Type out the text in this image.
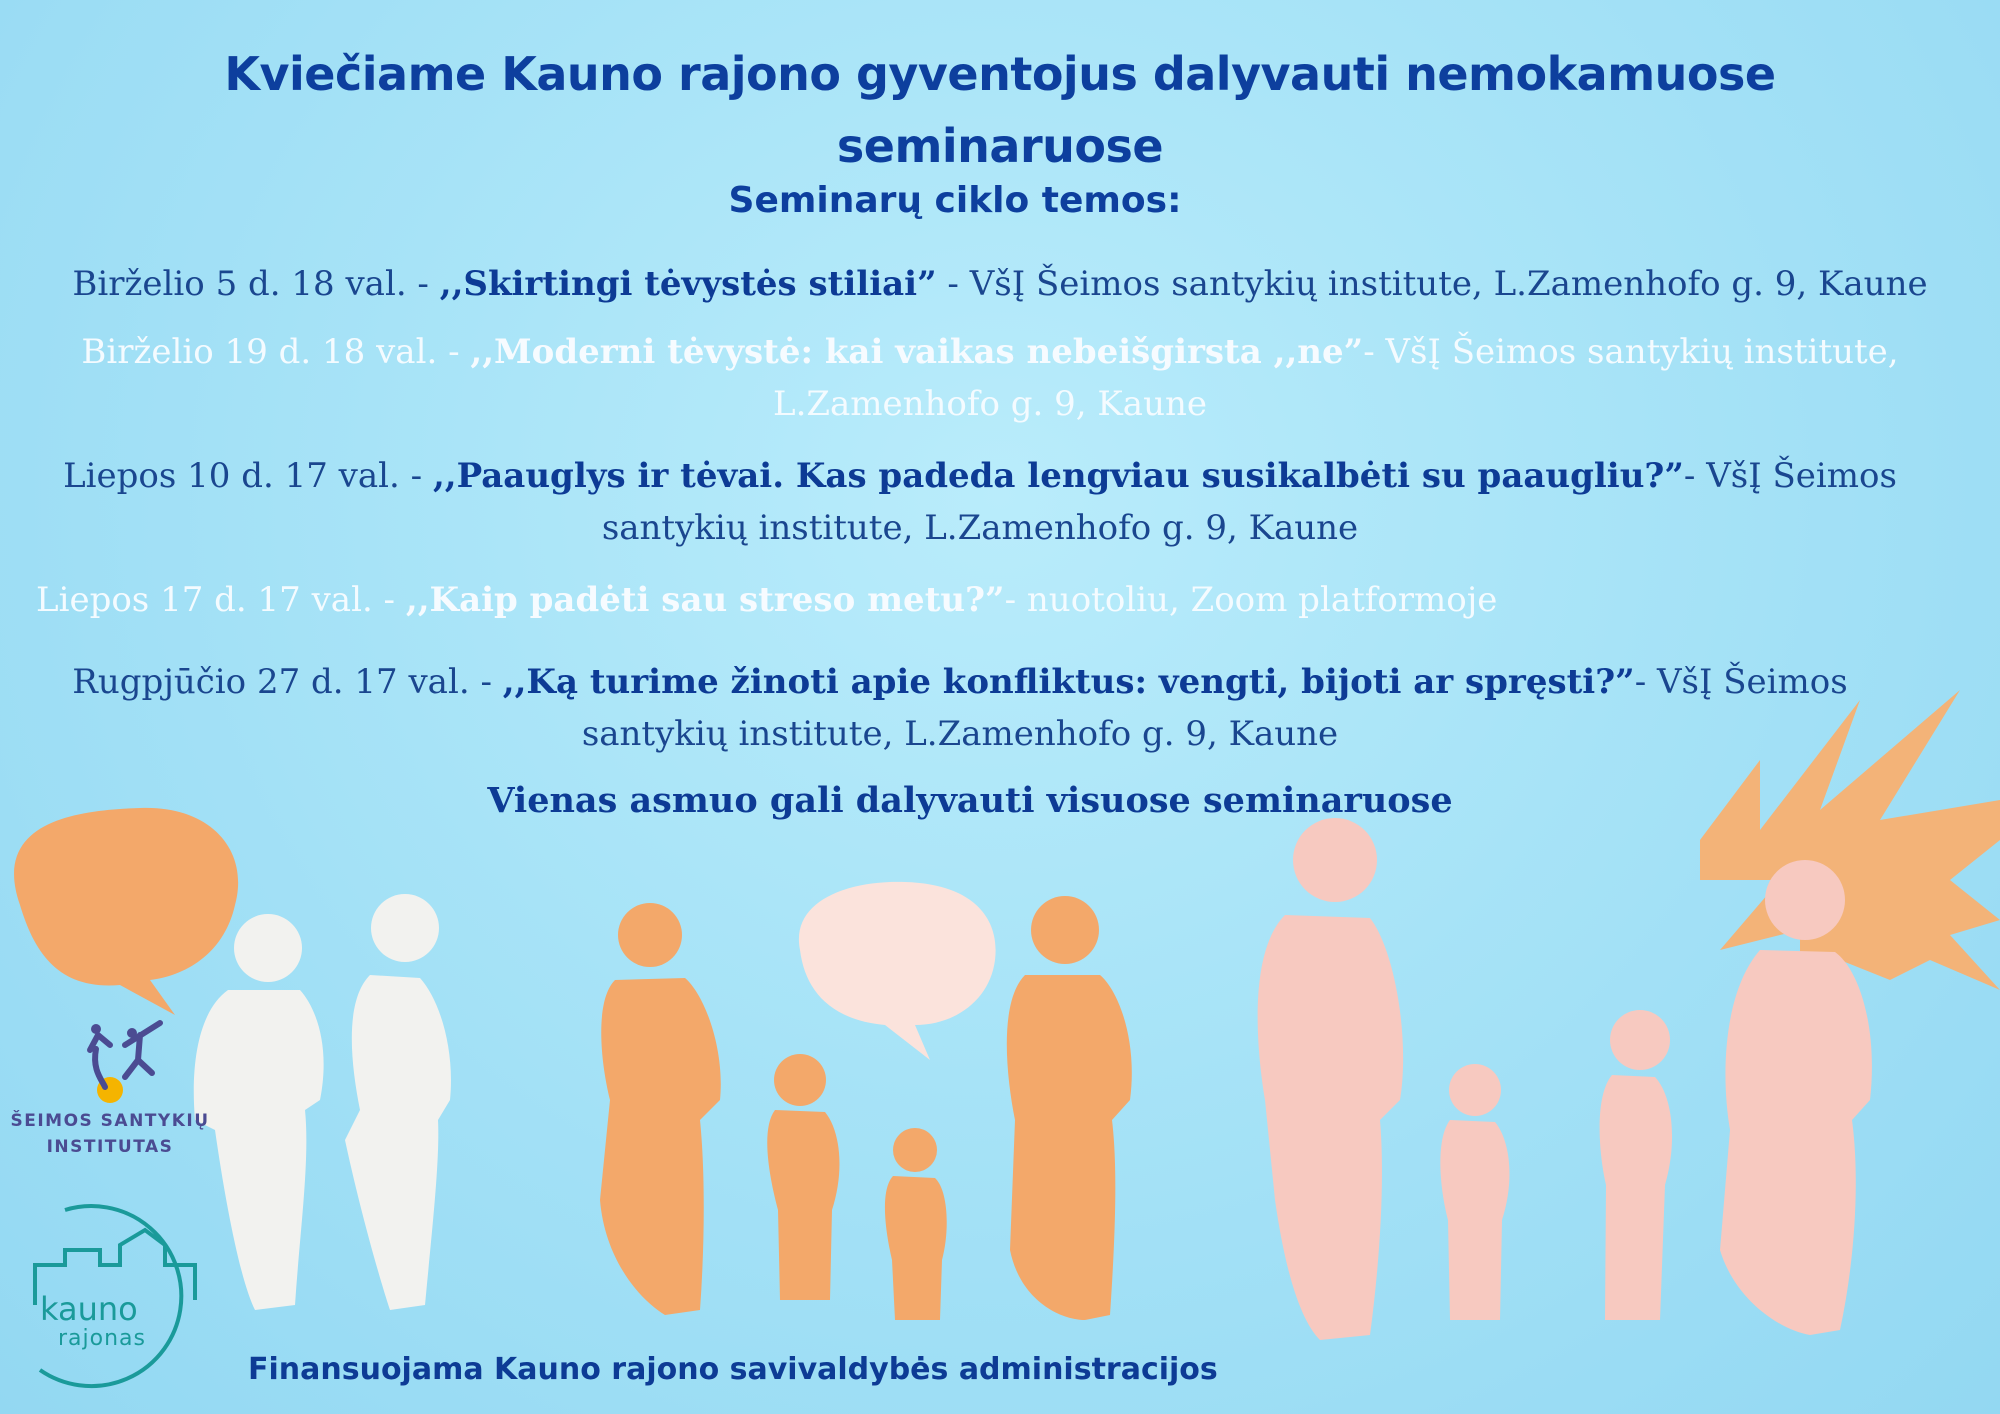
Kviečiame Kauno rajono gyventojus dalyvauti nemokamuose seminaruose
Seminarų ciklo temos:
Birželio 5 d. 18 val. - ,,Skirtingi tėvystės stiliai” - VšĮ Šeimos santykių institute, L.Zamenhofo g. 9, Kaune
Birželio 19 d. 18 val. - ,,Moderni tėvystė: kai vaikas nebeišgirsta ,,ne”- VšĮ Šeimos santykių institute, L.Zamenhofo g. 9, Kaune
Liepos 10 d. 17 val. - ,,Paauglys ir tėvai. Kas padeda lengviau susikalbėti su paaugliu?”- VšĮ Šeimos santykių institute, L.Zamenhofo g. 9, Kaune
Liepos 17 d. 17 val. - ,,Kaip padėti sau streso metu?”- nuotoliu, Zoom platformoje
Rugpjūčio 27 d. 17 val. - ,,Ką turime žinoti apie konfliktus: vengti, bijoti ar spręsti?”- VšĮ Šeimos santykių institute, L.Zamenhofo g. 9, Kaune
Vienas asmuo gali dalyvauti visuose seminaruose
ŠEIMOS SANTYKIŲ
INSTITUTAS
kauno
rajonas
Finansuojama Kauno rajono savivaldybės administracijos
